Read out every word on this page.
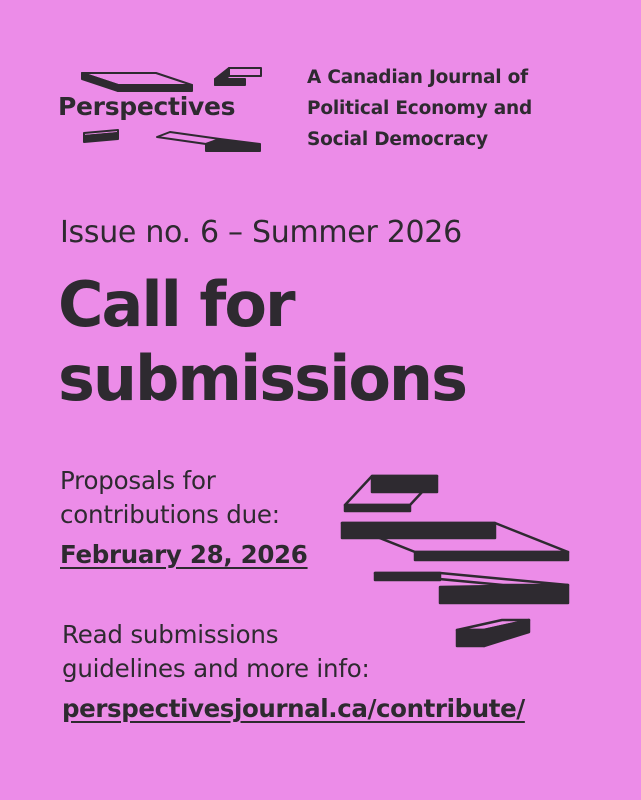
Perspectives
A Canadian Journal of
Political Economy and
Social Democracy
Issue no. 6 – Summer 2026
Call for
submissions
Proposals for
contributions due:
February 28, 2026
Read submissions
guidelines and more info:
perspectivesjournal.ca/contribute/
